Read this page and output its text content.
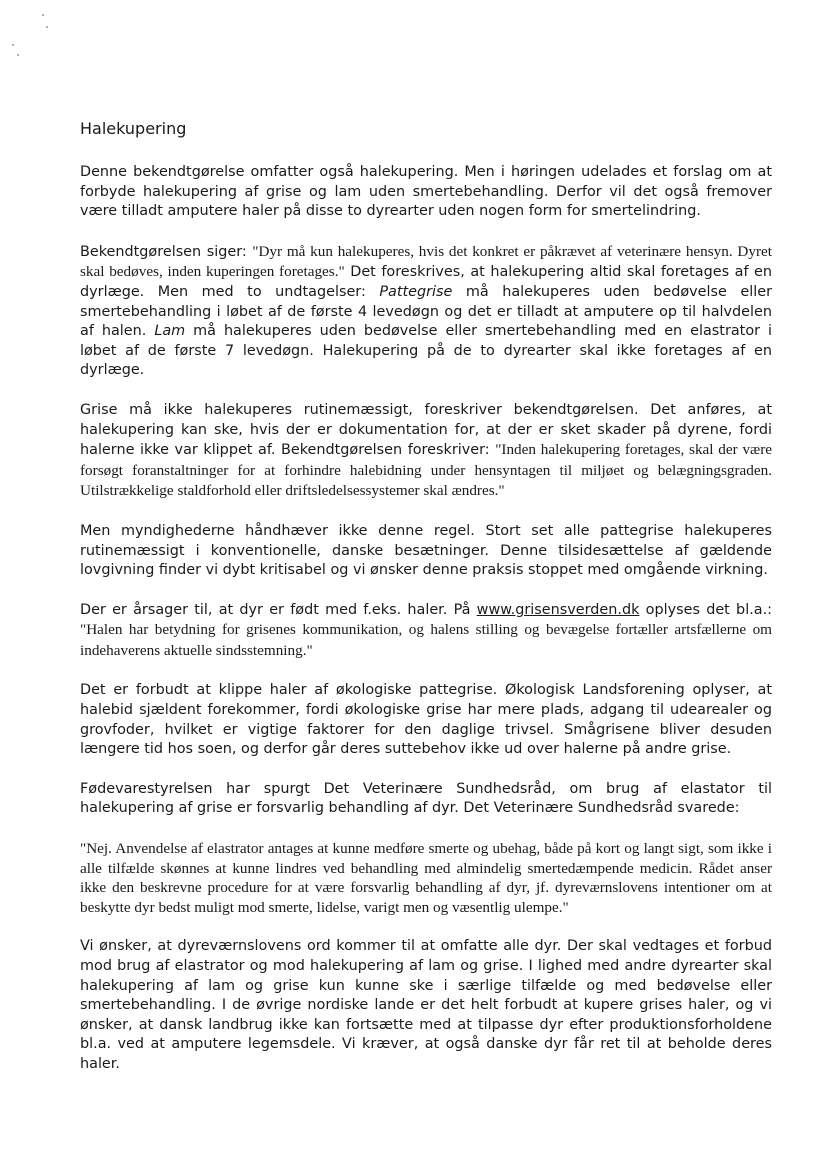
Halekupering

Denne bekendtgørelse omfatter også halekupering. Men i høringen udelades et forslag om at forbyde halekupering af grise og lam uden smertebehandling. Derfor vil det også fremover være tilladt amputere haler på disse to dyrearter uden nogen form for smertelindring.

Bekendtgørelsen siger: "Dyr må kun halekuperes, hvis det konkret er påkrævet af veterinære hensyn. Dyret skal bedøves, inden kuperingen foretages." Det foreskrives, at halekupering altid skal foretages af en dyrlæge. Men med to undtagelser: Pattegrise må halekuperes uden bedøvelse eller smertebehandling i løbet af de første 4 levedøgn og det er tilladt at amputere op til halvdelen af halen. Lam må halekuperes uden bedøvelse eller smertebehandling med en elastrator i løbet af de første 7 levedøgn. Halekupering på de to dyrearter skal ikke foretages af en dyrlæge.

Grise må ikke halekuperes rutinemæssigt, foreskriver bekendtgørelsen. Det anføres, at halekupering kan ske, hvis der er dokumentation for, at der er sket skader på dyrene, fordi halerne ikke var klippet af. Bekendtgørelsen foreskriver: "Inden halekupering foretages, skal der være forsøgt foranstaltninger for at forhindre halebidning under hensyntagen til miljøet og belægningsgraden. Utilstrækkelige staldforhold eller driftsledelsessystemer skal ændres."

Men myndighederne håndhæver ikke denne regel. Stort set alle pattegrise halekuperes rutinemæssigt i konventionelle, danske besætninger. Denne tilsidesættelse af gældende lovgivning finder vi dybt kritisabel og vi ønsker denne praksis stoppet med omgående virkning.

Der er årsager til, at dyr er født med f.eks. haler. På www.grisensverden.dk oplyses det bl.a.: "Halen har betydning for grisenes kommunikation, og halens stilling og bevægelse fortæller artsfællerne om indehaverens aktuelle sindsstemning."

Det er forbudt at klippe haler af økologiske pattegrise. Økologisk Landsforening oplyser, at halebid sjældent forekommer, fordi økologiske grise har mere plads, adgang til udearealer og grovfoder, hvilket er vigtige faktorer for den daglige trivsel. Smågrisene bliver desuden længere tid hos soen, og derfor går deres suttebehov ikke ud over halerne på andre grise.

Fødevarestyrelsen har spurgt Det Veterinære Sundhedsråd, om brug af elastator til halekupering af grise er forsvarlig behandling af dyr. Det Veterinære Sundhedsråd svarede:

"Nej. Anvendelse af elastrator antages at kunne medføre smerte og ubehag, både på kort og langt sigt, som ikke i alle tilfælde skønnes at kunne lindres ved behandling med almindelig smertedæmpende medicin. Rådet anser ikke den beskrevne procedure for at være forsvarlig behandling af dyr, jf. dyreværnslovens intentioner om at beskytte dyr bedst muligt mod smerte, lidelse, varigt men og væsentlig ulempe."

Vi ønsker, at dyreværnslovens ord kommer til at omfatte alle dyr. Der skal vedtages et forbud mod brug af elastrator og mod halekupering af lam og grise. I lighed med andre dyrearter skal halekupering af lam og grise kun kunne ske i særlige tilfælde og med bedøvelse eller smertebehandling. I de øvrige nordiske lande er det helt forbudt at kupere grises haler, og vi ønsker, at dansk landbrug ikke kan fortsætte med at tilpasse dyr efter produktionsforholdene bl.a. ved at amputere legemsdele. Vi kræver, at også danske dyr får ret til at beholde deres haler.
